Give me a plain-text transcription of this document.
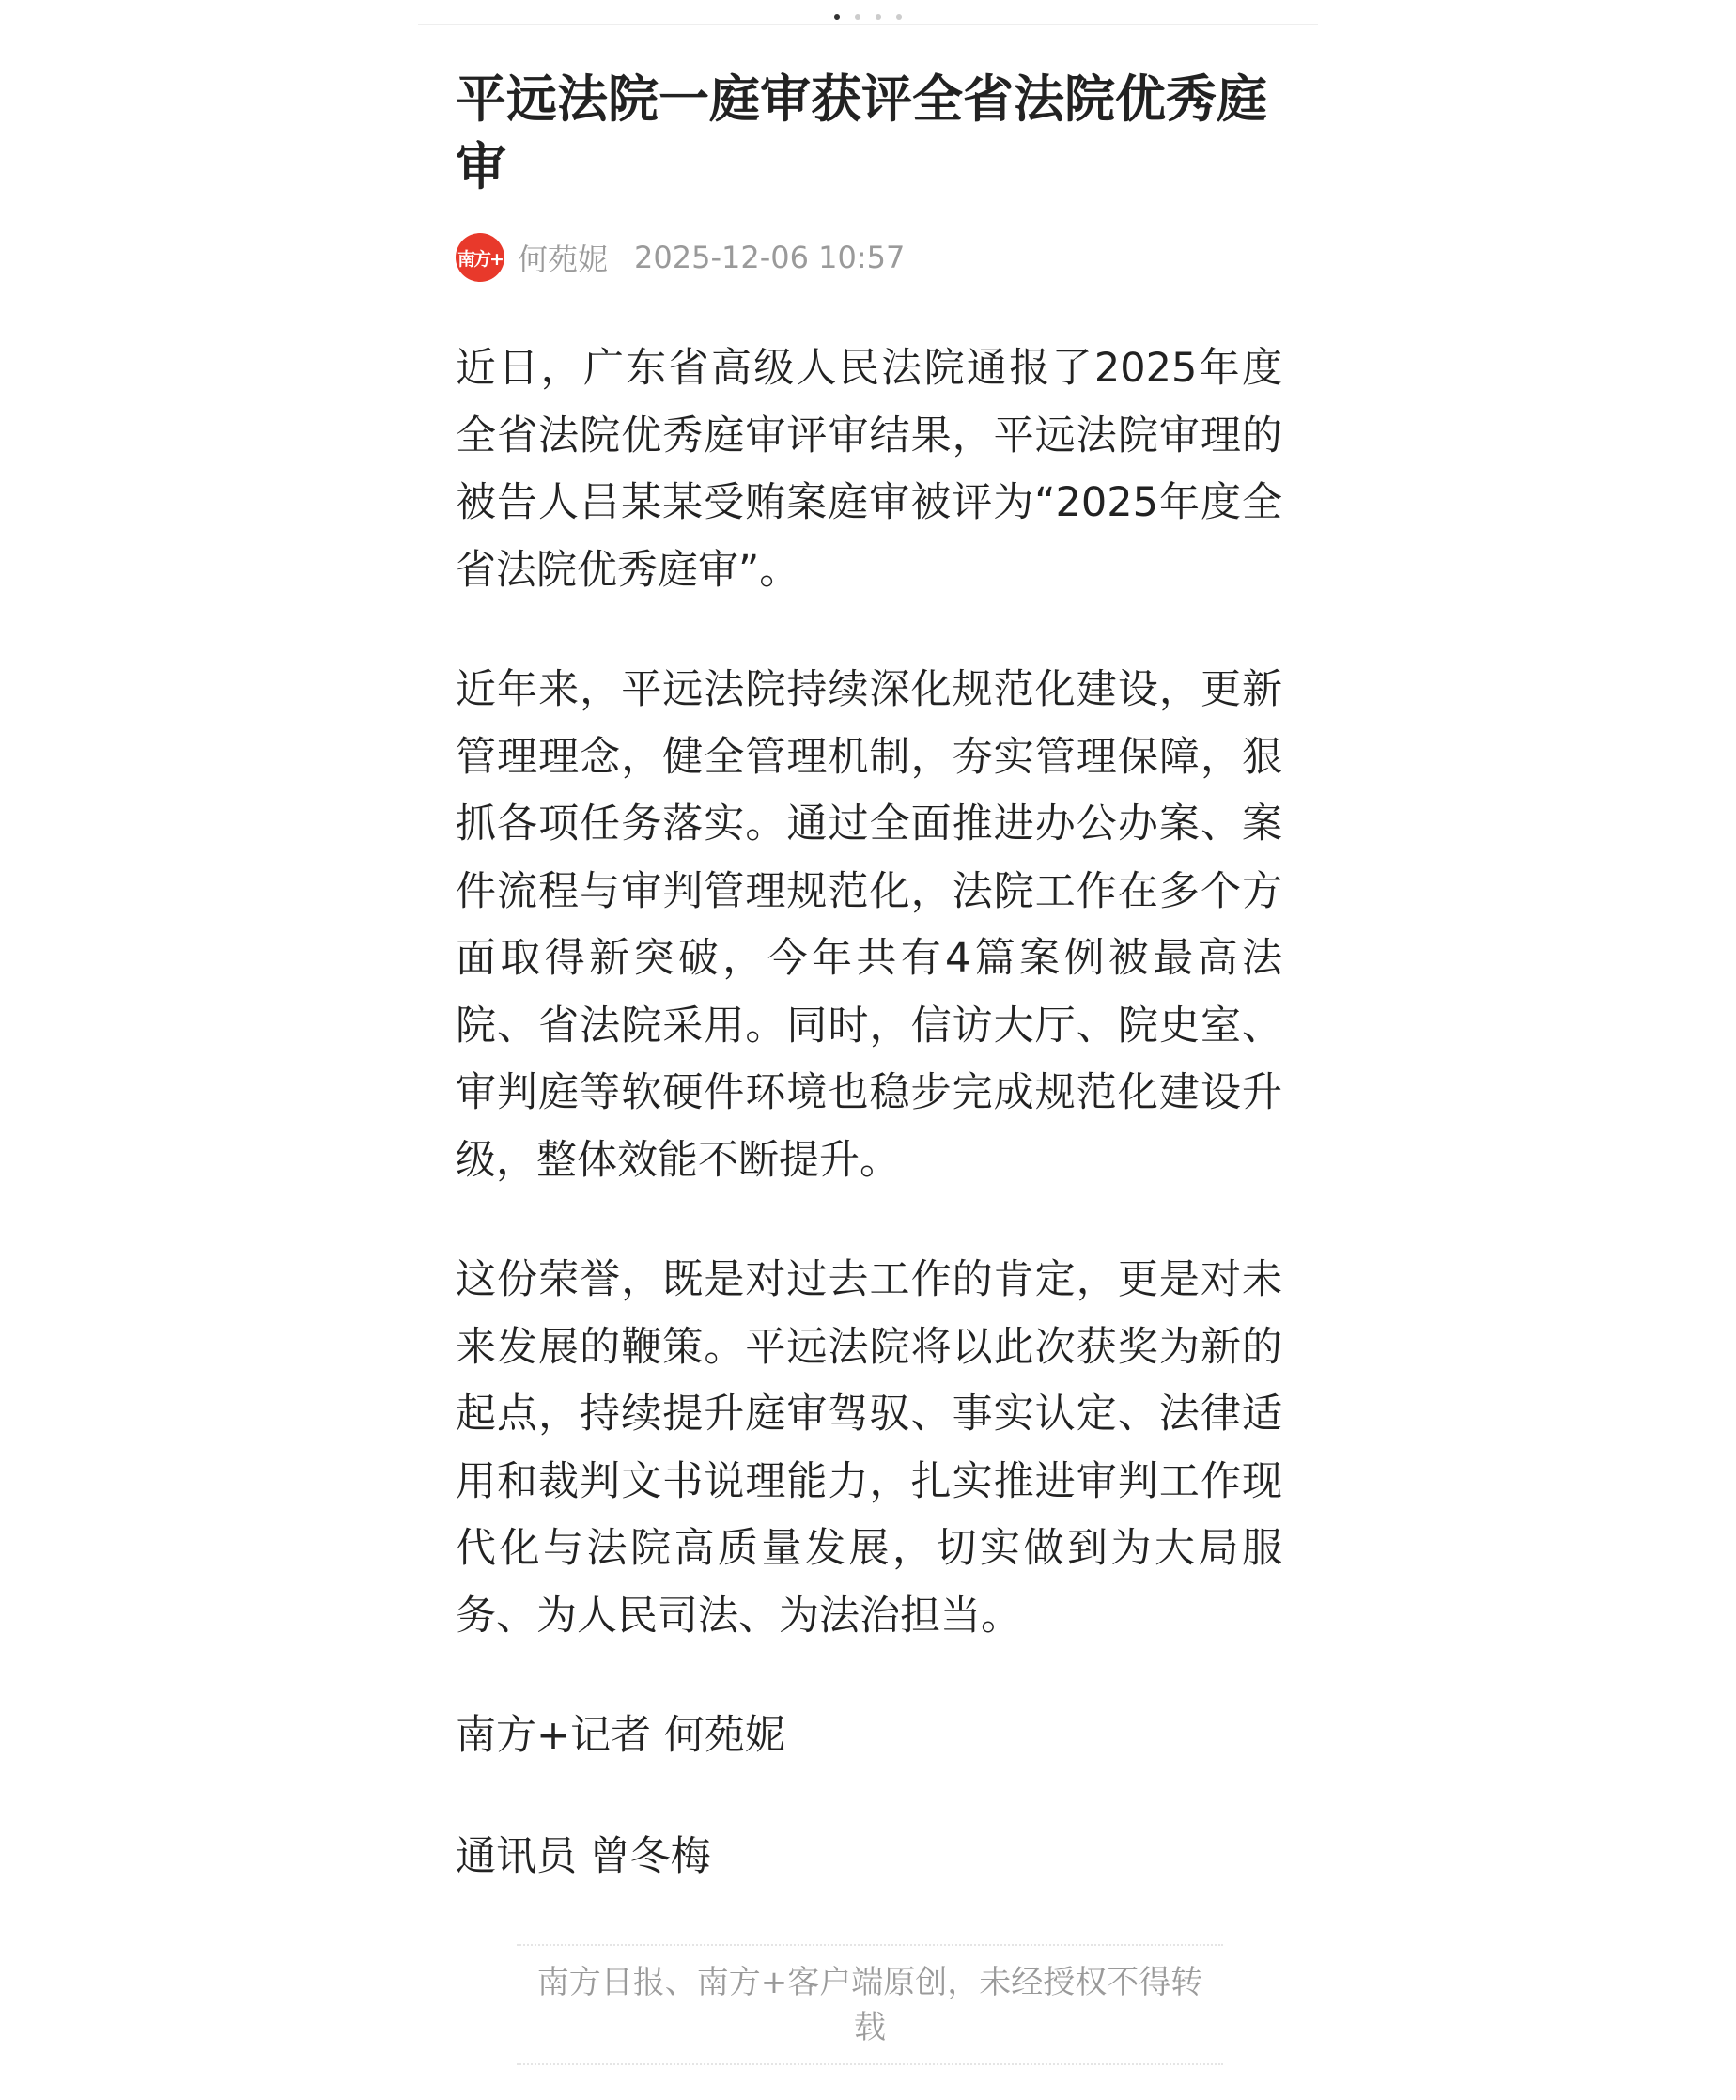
平远法院一庭审获评全省法院优秀庭审
南方+ 何苑妮 2025-12-06 10:57

近日，广东省高级人民法院通报了2025年度全省法院优秀庭审评审结果，平远法院审理的被告人吕某某受贿案庭审被评为“2025年度全省法院优秀庭审”。

近年来，平远法院持续深化规范化建设，更新管理理念，健全管理机制，夯实管理保障，狠抓各项任务落实。通过全面推进办公办案、案件流程与审判管理规范化，法院工作在多个方面取得新突破，今年共有4篇案例被最高法院、省法院采用。同时，信访大厅、院史室、审判庭等软硬件环境也稳步完成规范化建设升级，整体效能不断提升。

这份荣誉，既是对过去工作的肯定，更是对未来发展的鞭策。平远法院将以此次获奖为新的起点，持续提升庭审驾驭、事实认定、法律适用和裁判文书说理能力，扎实推进审判工作现代化与法院高质量发展，切实做到为大局服务、为人民司法、为法治担当。

南方+记者 何苑妮

通讯员 曾冬梅

南方日报、南方+客户端原创，未经授权不得转载
